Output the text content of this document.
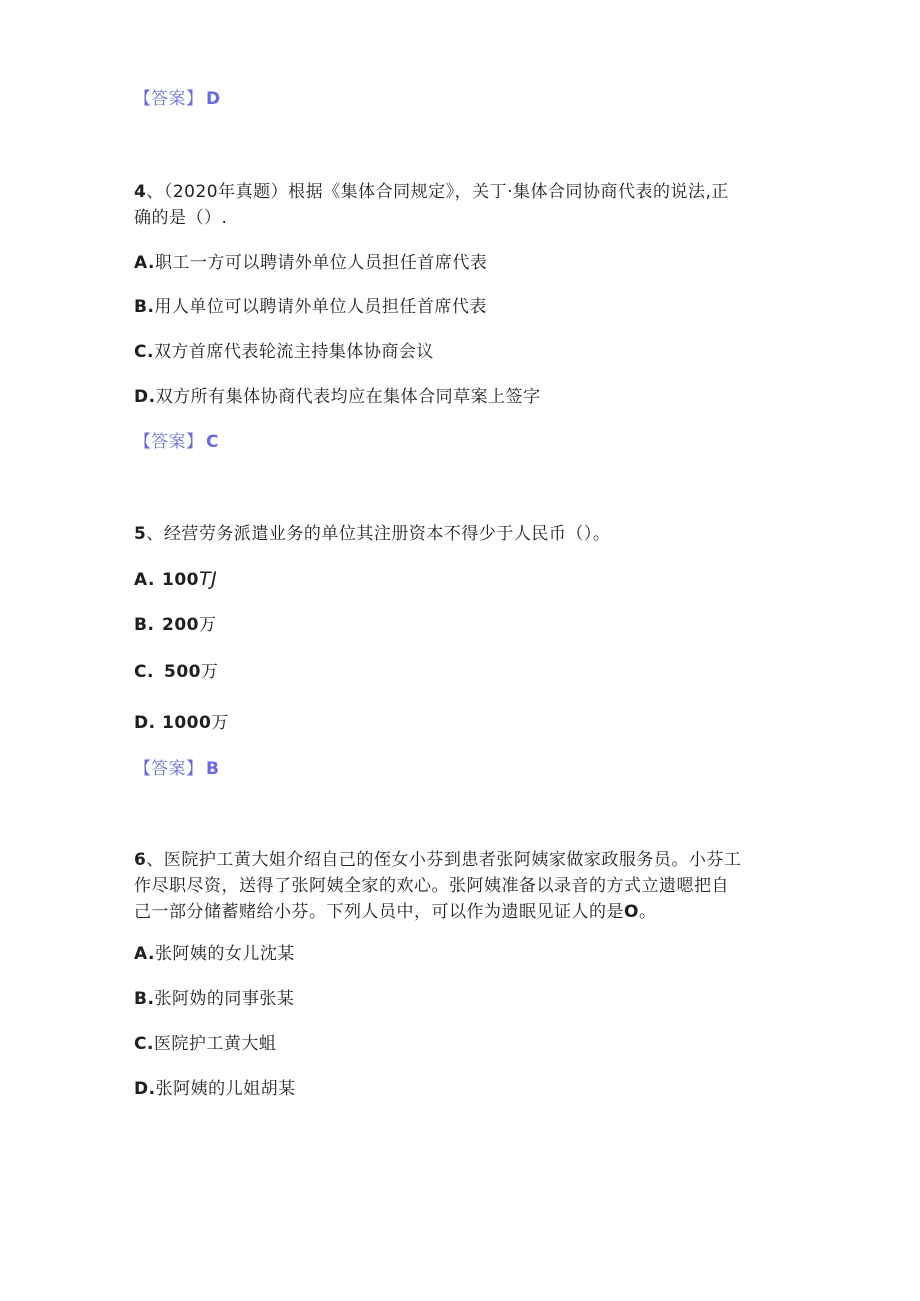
【答案】 D
4、（2020年真题）根据《集体合同规定》，关丁·集体合同协商代表的说法,正
确的是（）.
A.职工一方可以聘请外单位人员担任首席代表
B.用人单位可以聘请外单位人员担任首席代表
C.双方首席代表轮流主持集体协商会议
D.双方所有集体协商代表均应在集体合同草案上签字
【答案】 C
5、经营劳务派遣业务的单位其注册资本不得少于人民币（）。
A. 100TJ
B. 200万
C. 500万
D. 1000万
【答案】 B
6、医院护工黄大姐介绍自己的侄女小芬到患者张阿姨家做家政服务员。小芬工
作尽职尽资，送得了张阿姨全家的欢心。张阿姨准备以录音的方式立遗嗯把自
己一部分储蓄赌给小芬。下列人员中，可以作为遗眠见证人的是O。
A.张阿姨的女儿沈某
B.张阿妫的同事张某
C.医院护工黄大蛆
D.张阿姨的儿姐胡某
